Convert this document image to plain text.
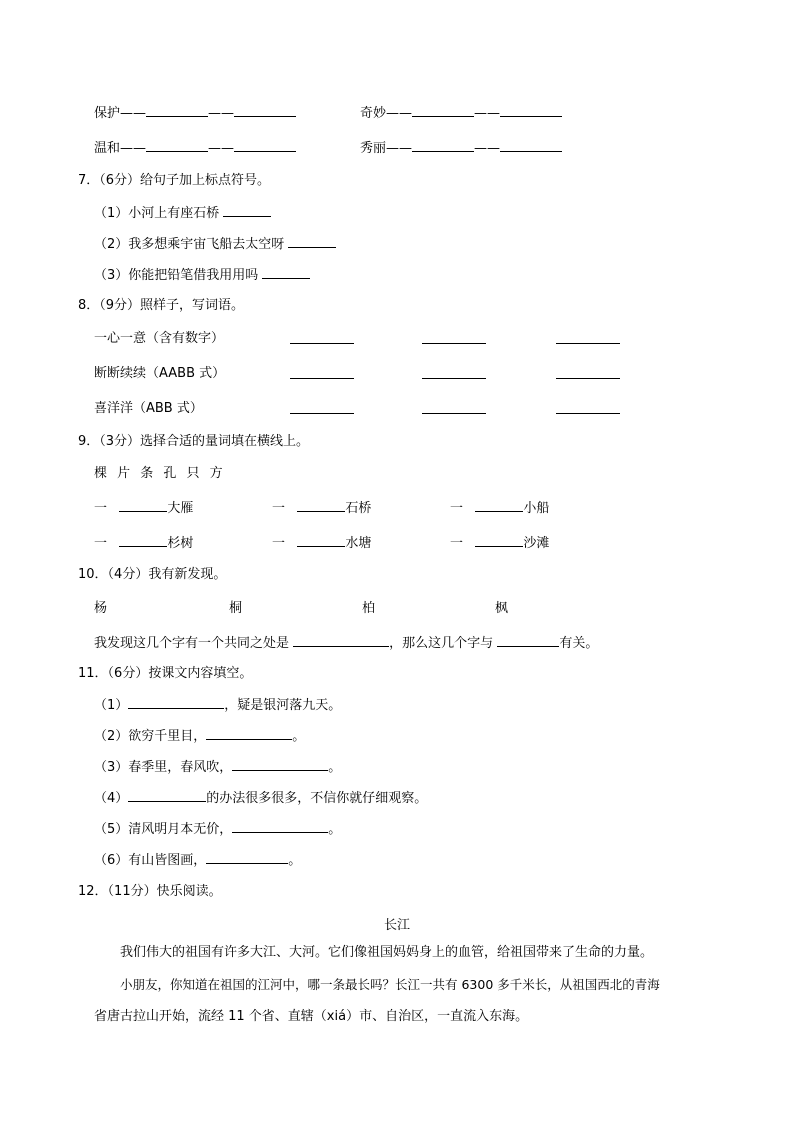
保护——	——	奇妙——	——
温和——	——	秀丽——	——
7．（6分）给句子加上标点符号。
（1）小河上有座石桥
（2）我多想乘宇宙飞船去太空呀
（3）你能把铅笔借我用用吗
8．（9分）照样子，写词语。
一心一意（含有数字）
断断续续（AABB 式）
喜洋洋（ABB 式）
9．（3分）选择合适的量词填在横线上。
棵 片 条 孔 只 方
一	大雁	一	石桥	一	小船
一	杉树	一	水塘	一	沙滩
10．（4分）我有新发现。
杨	桐	柏	枫
我发现这几个字有一个共同之处是	，那么这几个字与	有关。
11．（6分）按课文内容填空。
（1）	，疑是银河落九天。
（2）欲穷千里目，	。
（3）春季里，春风吹，	。
（4）	的办法很多很多，不信你就仔细观察。
（5）清风明月本无价，	。
（6）有山皆图画，	。
12．（11分）快乐阅读。
长江
我们伟大的祖国有许多大江、大河。它们像祖国妈妈身上的血管，给祖国带来了生命的力量。
小朋友，你知道在祖国的江河中，哪一条最长吗？长江一共有 6300 多千米长，从祖国西北的青海
省唐古拉山开始，流经 11 个省、直辖（xiá）市、自治区，一直流入东海。
